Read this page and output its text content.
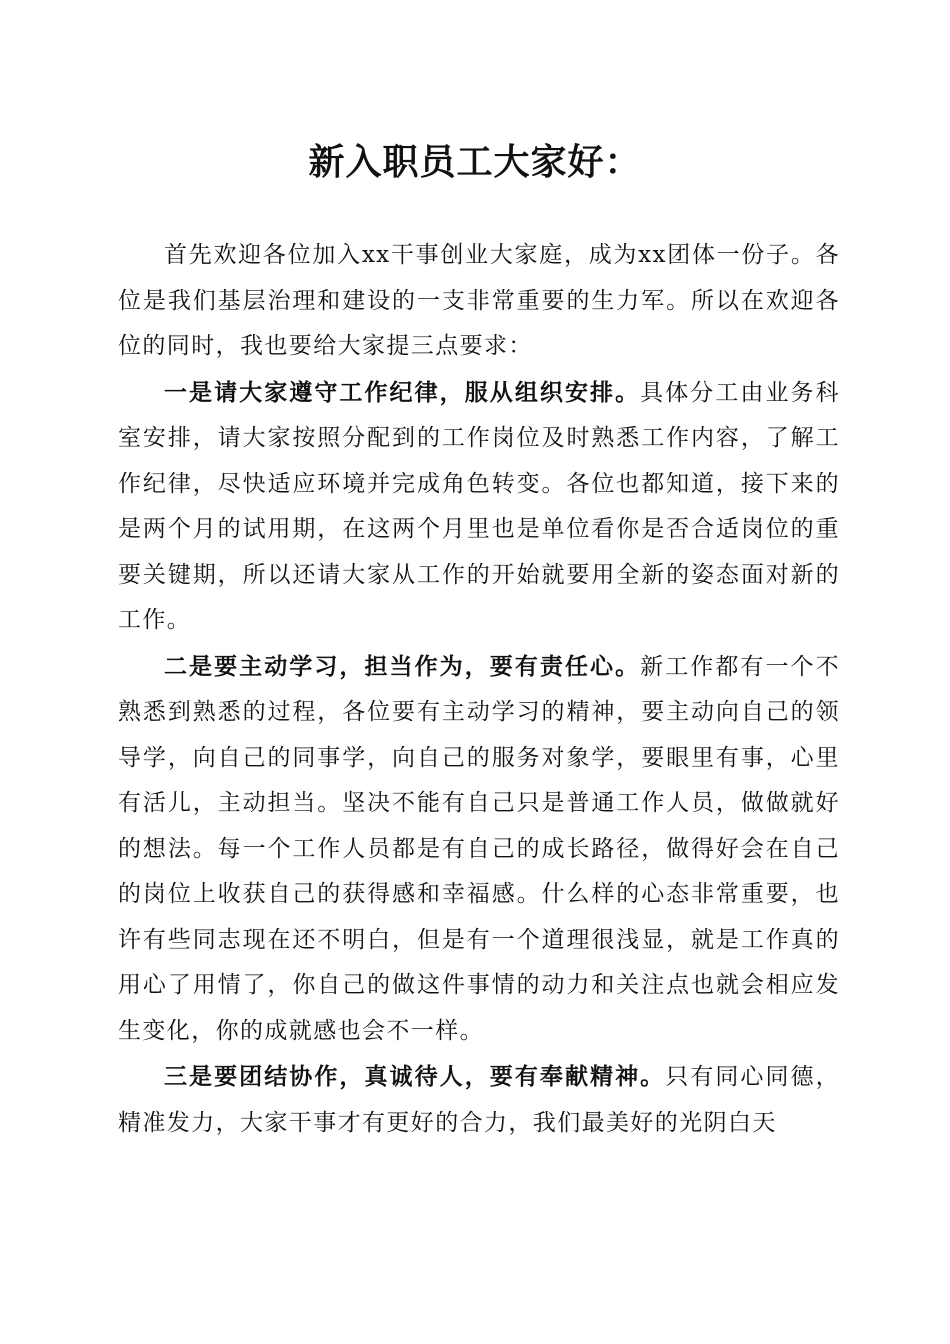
新入职员工大家好：

首先欢迎各位加入xx干事创业大家庭，成为xx团体一份子。各位是我们基层治理和建设的一支非常重要的生力军。所以在欢迎各位的同时，我也要给大家提三点要求：

一是请大家遵守工作纪律，服从组织安排。具体分工由业务科室安排，请大家按照分配到的工作岗位及时熟悉工作内容，了解工作纪律，尽快适应环境并完成角色转变。各位也都知道，接下来的是两个月的试用期，在这两个月里也是单位看你是否合适岗位的重要关键期，所以还请大家从工作的开始就要用全新的姿态面对新的工作。

二是要主动学习，担当作为，要有责任心。新工作都有一个不熟悉到熟悉的过程，各位要有主动学习的精神，要主动向自己的领导学，向自己的同事学，向自己的服务对象学，要眼里有事，心里有活儿，主动担当。坚决不能有自己只是普通工作人员，做做就好的想法。每一个工作人员都是有自己的成长路径，做得好会在自己的岗位上收获自己的获得感和幸福感。什么样的心态非常重要，也许有些同志现在还不明白，但是有一个道理很浅显，就是工作真的用心了用情了，你自己的做这件事情的动力和关注点也就会相应发生变化，你的成就感也会不一样。

三是要团结协作，真诚待人，要有奉献精神。只有同心同德，精准发力，大家干事才有更好的合力，我们最美好的光阴白天
